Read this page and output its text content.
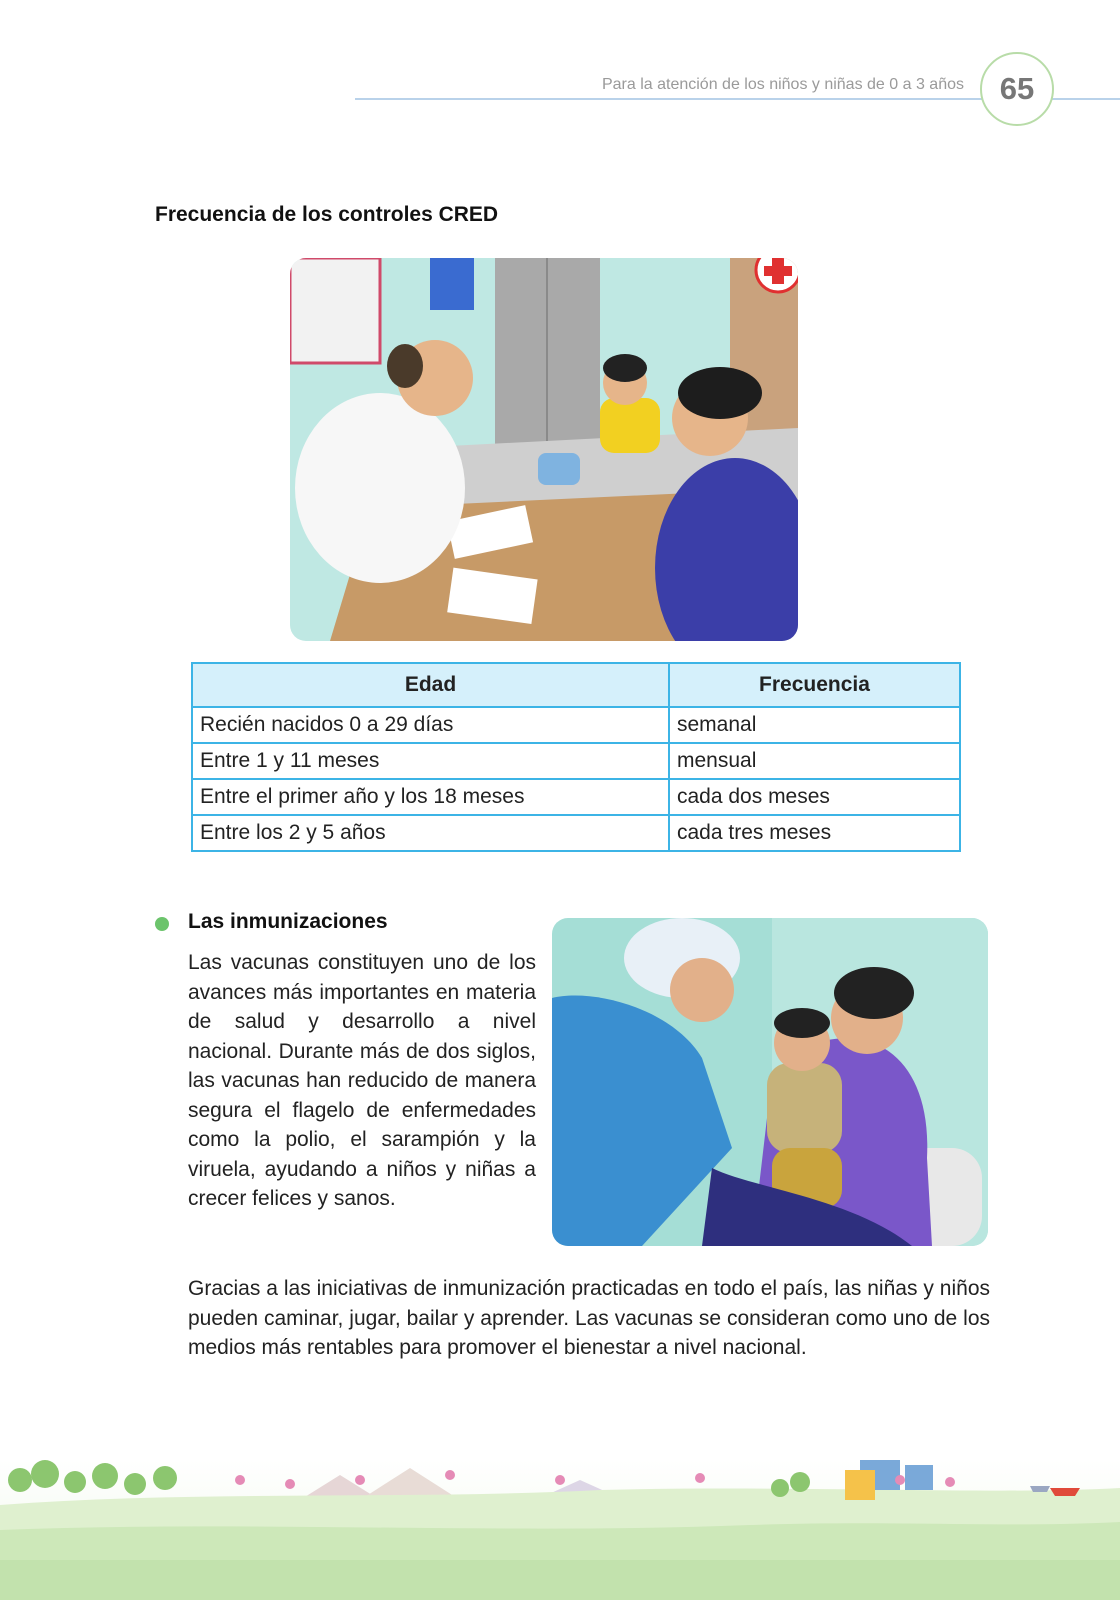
Para la atención de los niños y niñas de 0 a 3 años	65
Frecuencia de los controles CRED
Edad	Frecuencia
Recién nacidos 0 a 29 días	semanal
Entre 1 y 11 meses	mensual
Entre el primer año y los 18 meses	cada dos meses
Entre los 2 y 5 años	cada tres meses
Las inmunizaciones

Las vacunas constituyen uno de los avances más importantes en materia de salud y desarrollo a nivel nacional. Durante más de dos siglos, las vacunas han reducido de manera segura el flagelo de enfermedades como la polio, el sarampión y la viruela, ayudando a niños y niñas a crecer felices y sanos.

Gracias a las iniciativas de inmunización practicadas en todo el país, las niñas y niños pueden caminar, jugar, bailar y aprender. Las vacunas se consideran como uno de los medios más rentables para promover el bienestar a nivel nacional.
